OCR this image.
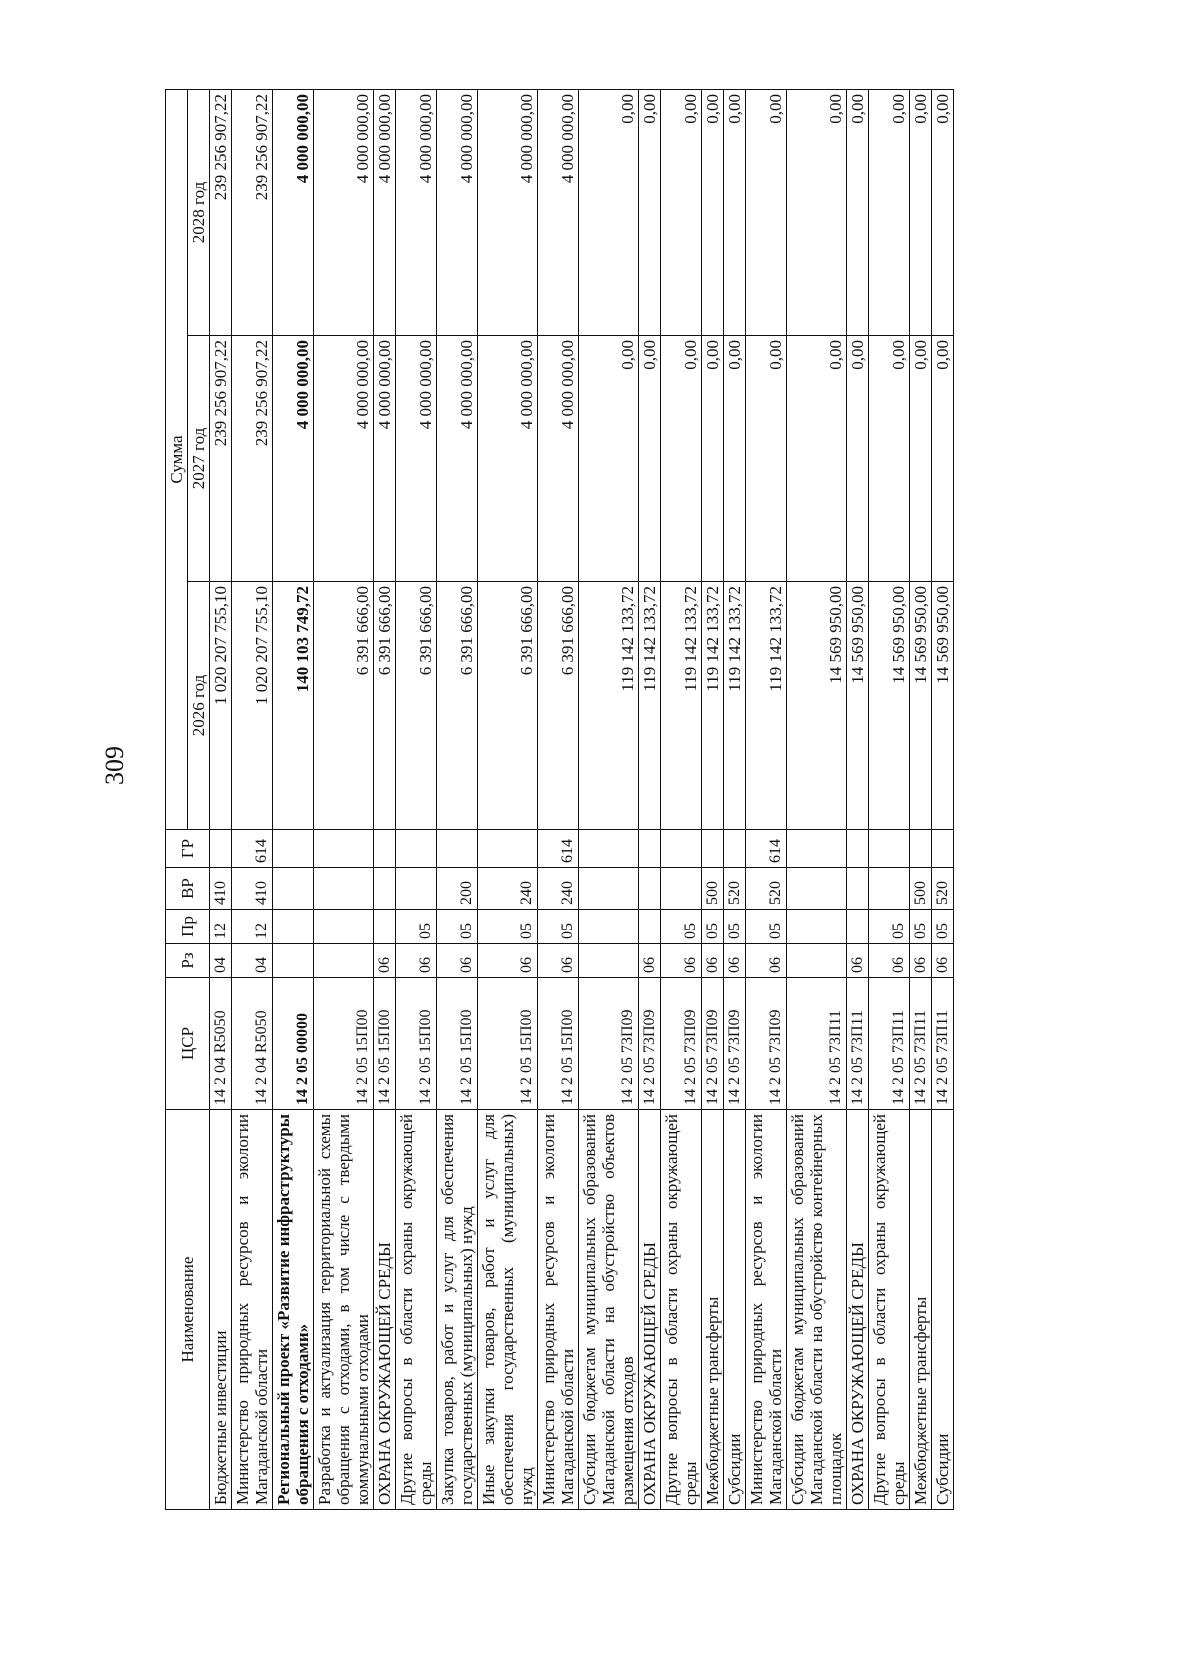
309
Наименование	ЦСР	Рз	Пр	ВР	ГР	Сумма		
						2026 год	2027 год	2028 год
Бюджетные инвестиции	14 2 04 R5050	04	12	410		1 020 207 755,10	239 256 907,22	239 256 907,22
Министерство природных ресурсов и экологии Магаданской области	14 2 04 R5050	04	12	410	614	1 020 207 755,10	239 256 907,22	239 256 907,22
Региональный проект «Развитие инфраструктуры обращения с отходами»	14 2 05 00000					140 103 749,72	4 000 000,00	4 000 000,00
Разработка и актуализация территориальной схемы обращения с отходами, в том числе с твердыми коммунальными отходами	14 2 05 15П00					6 391 666,00	4 000 000,00	4 000 000,00
ОХРАНА ОКРУЖАЮЩЕЙ СРЕДЫ	14 2 05 15П00	06				6 391 666,00	4 000 000,00	4 000 000,00
Другие вопросы в области охраны окружающей среды	14 2 05 15П00	06	05			6 391 666,00	4 000 000,00	4 000 000,00
Закупка товаров, работ и услуг для обеспечения государственных (муниципальных) нужд	14 2 05 15П00	06	05	200		6 391 666,00	4 000 000,00	4 000 000,00
Иные закупки товаров, работ и услуг для обеспечения государственных (муниципальных) нужд	14 2 05 15П00	06	05	240		6 391 666,00	4 000 000,00	4 000 000,00
Министерство природных ресурсов и экологии Магаданской области	14 2 05 15П00	06	05	240	614	6 391 666,00	4 000 000,00	4 000 000,00
Субсидии бюджетам муниципальных образований Магаданской области на обустройство объектов размещения отходов	14 2 05 73П09					119 142 133,72	0,00	0,00
ОХРАНА ОКРУЖАЮЩЕЙ СРЕДЫ	14 2 05 73П09	06				119 142 133,72	0,00	0,00
Другие вопросы в области охраны окружающей среды	14 2 05 73П09	06	05			119 142 133,72	0,00	0,00
Межбюджетные трансферты	14 2 05 73П09	06	05	500		119 142 133,72	0,00	0,00
Субсидии	14 2 05 73П09	06	05	520		119 142 133,72	0,00	0,00
Министерство природных ресурсов и экологии Магаданской области	14 2 05 73П09	06	05	520	614	119 142 133,72	0,00	0,00
Субсидии бюджетам муниципальных образований Магаданской области на обустройство контейнерных площадок	14 2 05 73П11					14 569 950,00	0,00	0,00
ОХРАНА ОКРУЖАЮЩЕЙ СРЕДЫ	14 2 05 73П11	06				14 569 950,00	0,00	0,00
Другие вопросы в области охраны окружающей среды	14 2 05 73П11	06	05			14 569 950,00	0,00	0,00
Межбюджетные трансферты	14 2 05 73П11	06	05	500		14 569 950,00	0,00	0,00
Субсидии	14 2 05 73П11	06	05	520		14 569 950,00	0,00	0,00
